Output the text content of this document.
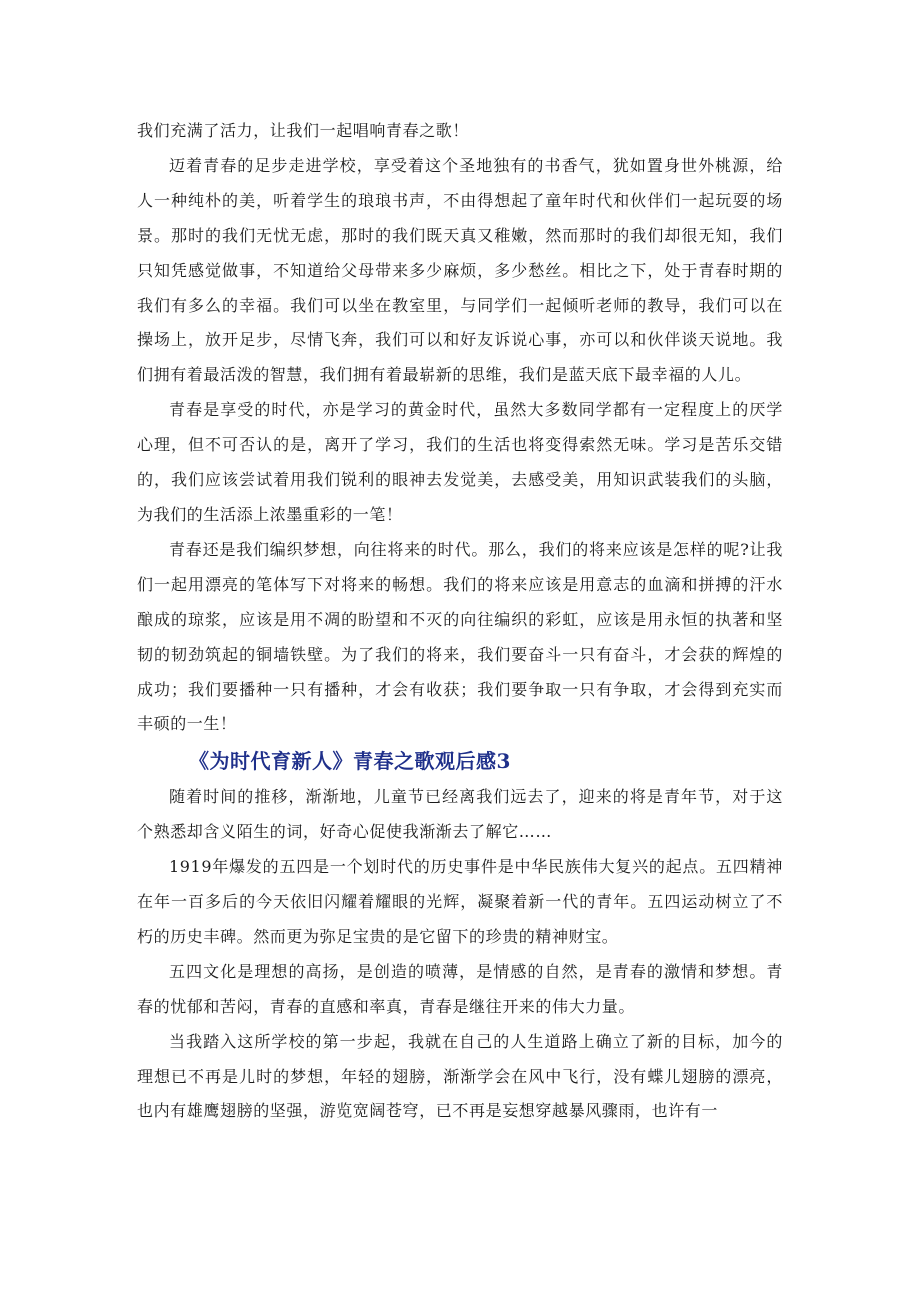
我们充满了活力，让我们一起唱响青春之歌！

迈着青春的足步走进学校，享受着这个圣地独有的书香气，犹如置身世外桃源，给人一种纯朴的美，听着学生的琅琅书声，不由得想起了童年时代和伙伴们一起玩耍的场景。那时的我们无忧无虑，那时的我们既天真又稚嫩，然而那时的我们却很无知，我们只知凭感觉做事，不知道给父母带来多少麻烦，多少愁丝。相比之下，处于青春时期的我们有多么的幸福。我们可以坐在教室里，与同学们一起倾听老师的教导，我们可以在操场上，放开足步，尽情飞奔，我们可以和好友诉说心事，亦可以和伙伴谈天说地。我们拥有着最活泼的智慧，我们拥有着最崭新的思维，我们是蓝天底下最幸福的人儿。

青春是享受的时代，亦是学习的黄金时代，虽然大多数同学都有一定程度上的厌学心理，但不可否认的是，离开了学习，我们的生活也将变得索然无味。学习是苦乐交错的，我们应该尝试着用我们锐利的眼神去发觉美，去感受美，用知识武装我们的头脑，为我们的生活添上浓墨重彩的一笔！

青春还是我们编织梦想，向往将来的时代。那么，我们的将来应该是怎样的呢?让我们一起用漂亮的笔体写下对将来的畅想。我们的将来应该是用意志的血滴和拼搏的汗水酿成的琼浆，应该是用不凋的盼望和不灭的向往编织的彩虹，应该是用永恒的执著和坚韧的韧劲筑起的铜墙铁壁。为了我们的将来，我们要奋斗一只有奋斗，才会获的辉煌的成功；我们要播种一只有播种，才会有收获；我们要争取一只有争取，才会得到充实而丰硕的一生！

《为时代育新人》青春之歌观后感3

随着时间的推移，渐渐地，儿童节已经离我们远去了，迎来的将是青年节，对于这个熟悉却含义陌生的词，好奇心促使我渐渐去了解它……

1919年爆发的五四是一个划时代的历史事件是中华民族伟大复兴的起点。五四精神在年一百多后的今天依旧闪耀着耀眼的光辉，凝聚着新一代的青年。五四运动树立了不朽的历史丰碑。然而更为弥足宝贵的是它留下的珍贵的精神财宝。

五四文化是理想的高扬，是创造的喷薄，是情感的自然，是青春的激情和梦想。青春的忧郁和苦闷，青春的直感和率真，青春是继往开来的伟大力量。

当我踏入这所学校的第一步起，我就在自己的人生道路上确立了新的目标，加今的理想已不再是儿时的梦想，年轻的翅膀，渐渐学会在风中飞行，没有蝶儿翅膀的漂亮，也内有雄鹰翅膀的坚强，游览宽阔苍穹，已不再是妄想穿越暴风骤雨，也许有一
